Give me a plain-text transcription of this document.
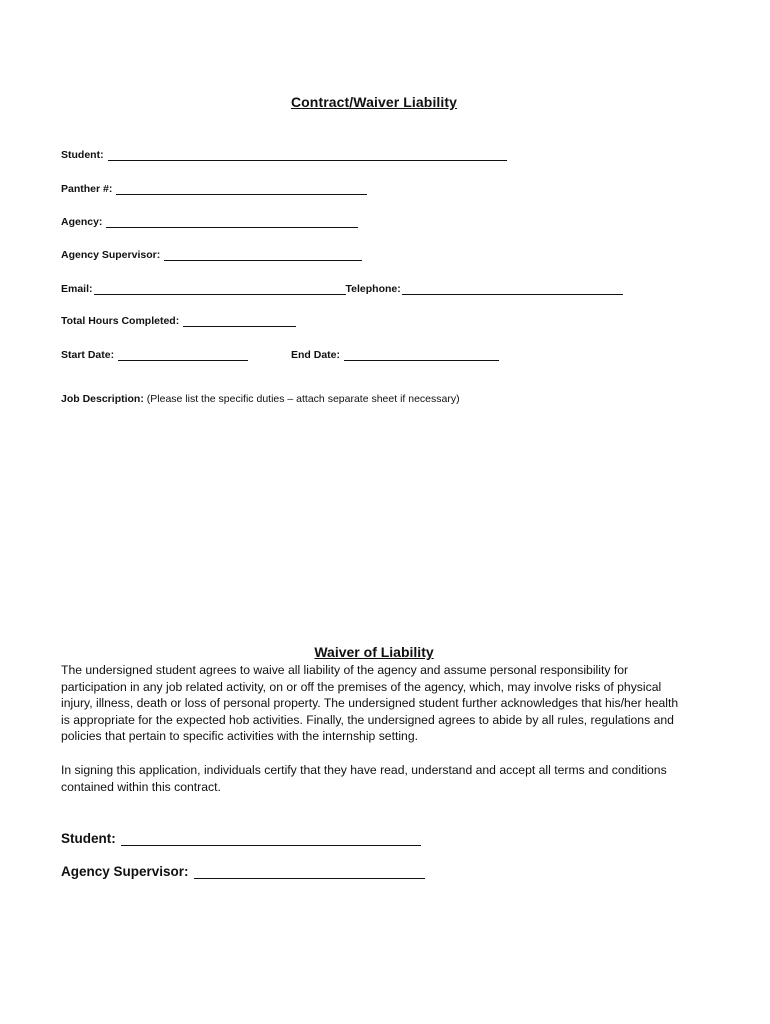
Contract/Waiver Liability
Student:
Panther #:
Agency:
Agency Supervisor:
Email:	Telephone:
Total Hours Completed:
Start Date:	End Date:
Job Description: (Please list the specific duties – attach separate sheet if necessary)
Waiver of Liability

The undersigned student agrees to waive all liability of the agency and assume personal responsibility for participation in any job related activity, on or off the premises of the agency, which, may involve risks of physical injury, illness, death or loss of personal property. The undersigned student further acknowledges that his/her health is appropriate for the expected hob activities. Finally, the undersigned agrees to abide by all rules, regulations and policies that pertain to specific activities with the internship setting.

In signing this application, individuals certify that they have read, understand and accept all terms and conditions contained within this contract.

Student:
Agency Supervisor:
